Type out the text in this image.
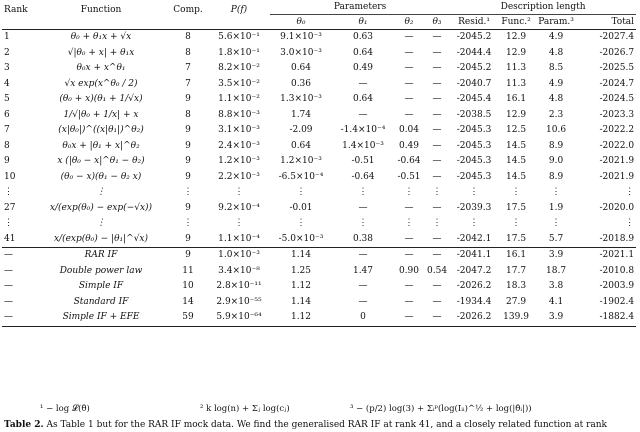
Rank	Function	Comp.	P(f)	Parameters				Description length			
				θ₀	θ₁	θ₂	θ₃	Resid.¹	Func.²	Param.³	Total
1	θ₀ + θ₁x + √x	8	5.6×10⁻¹	9.1×10⁻³	0.63	—	—	-2045.2	12.9	4.9	-2027.4
2	√|θ₀ + x| + θ₁x	8	1.8×10⁻¹	3.0×10⁻³	0.64	—	—	-2044.4	12.9	4.8	-2026.7
3	θ₀x + x^θ₁	7	8.2×10⁻²	0.64	0.49	—	—	-2045.2	11.3	8.5	-2025.5
4	√x exp(x^θ₀ / 2)	7	3.5×10⁻²	0.36	—	—	—	-2040.7	11.3	4.9	-2024.7
5	(θ₀ + x)(θ₁ + 1/√x)	9	1.1×10⁻²	1.3×10⁻³	0.64	—	—	-2045.4	16.1	4.8	-2024.5
6	1/√|θ₀ + 1/x| + x	8	8.8×10⁻³	1.74	—	—	—	-2038.5	12.9	2.3	-2023.3
7	(x|θ₀|)^((x|θ₁|)^θ₂)	9	3.1×10⁻³	-2.09	-1.4×10⁻⁴	0.04	—	-2045.3	12.5	10.6	-2022.2
8	θ₀x + |θ₁ + x|^θ₂	9	2.4×10⁻³	0.64	1.4×10⁻³	0.49	—	-2045.3	14.5	8.9	-2022.0
9	x (|θ₀ − x|^θ₁ − θ₂)	9	1.2×10⁻³	1.2×10⁻³	-0.51	-0.64	—	-2045.3	14.5	9.0	-2021.9
10	(θ₀ − x)(θ₁ − θ₂ x)	9	2.2×10⁻³	-6.5×10⁻⁴	-0.64	-0.51	—	-2045.3	14.5	8.9	-2021.9
⋮	⋮	⋮	⋮	⋮	⋮	⋮	⋮	⋮	⋮	⋮	⋮
27	x/(exp(θ₀) − exp(−√x))	9	9.2×10⁻⁴	-0.01	—	—	—	-2039.3	17.5	1.9	-2020.0
⋮	⋮	⋮	⋮	⋮	⋮	⋮	⋮	⋮	⋮	⋮	⋮
41	x/(exp(θ₀) − |θ₁|^√x)	9	1.1×10⁻⁴	-5.0×10⁻³	0.38	—	—	-2042.1	17.5	5.7	-2018.9
—	RAR IF	9	1.0×10⁻³	1.14	—	—	—	-2041.1	16.1	3.9	-2021.1
—	Double power law	11	3.4×10⁻⁸	1.25	1.47	0.90	0.54	-2047.2	17.7	18.7	-2010.8
—	Simple IF	10	2.8×10⁻¹¹	1.12	—	—	—	-2026.2	18.3	3.8	-2003.9
—	Standard IF	14	2.9×10⁻⁵⁵	1.14	—	—	—	-1934.4	27.9	4.1	-1902.4
—	Simple IF + EFE	59	5.9×10⁻⁶⁴	1.12	0	—	—	-2026.2	139.9	3.9	-1882.4
¹ − log 𝓛(θ̂)	² k log(n) + Σⱼ log(cⱼ)	³ − (p/2) log(3) + Σᵢᵖ(log(Iᵢᵢ)^½ + log(|θ̂ᵢ|))
Table 2. As Table 1 but for the RAR IF mock data. We find the generalised RAR IF at rank 41, and a closely related function at rank
